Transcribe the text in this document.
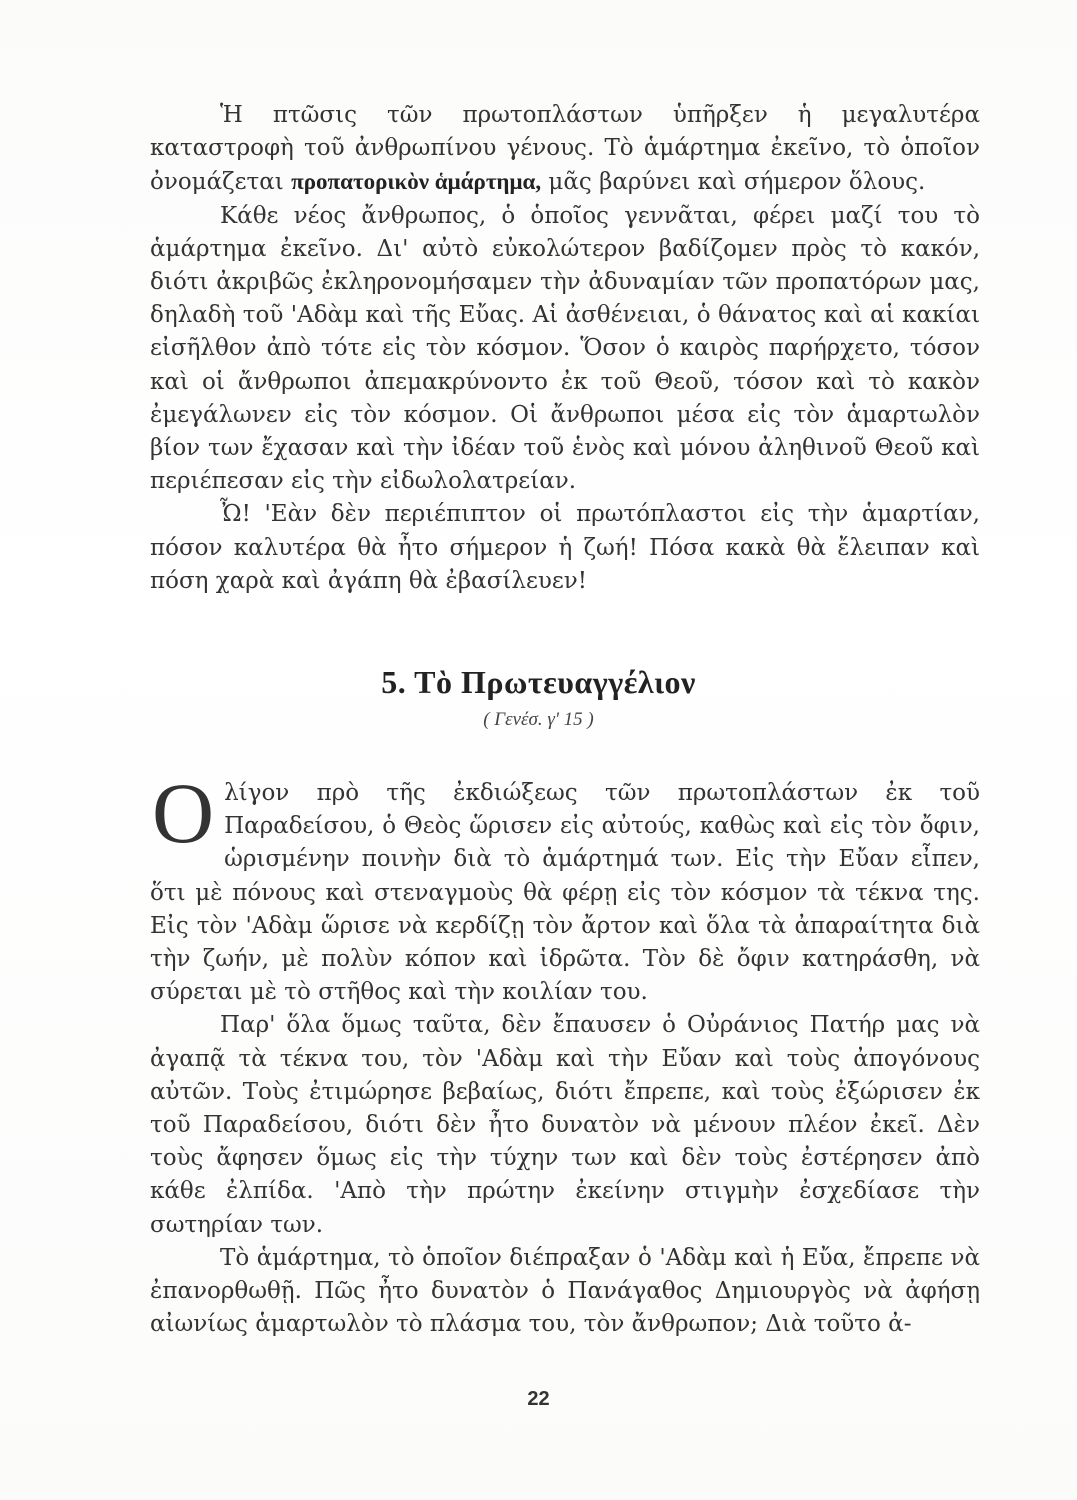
Ἡ πτῶσις τῶν πρωτοπλάστων ὑπῆρξεν ἡ μεγαλυτέρα καταστροφὴ τοῦ ἀνθρωπίνου γένους. Τὸ ἁμάρτημα ἐκεῖνο, τὸ ὁποῖον ὀνομάζεται προπατορικὸν ἁμάρτημα, μᾶς βαρύνει καὶ σήμερον ὅλους.

Κάθε νέος ἄνθρωπος, ὁ ὁποῖος γεννᾶται, φέρει μαζί του τὸ ἁμάρτημα ἐκεῖνο. Δι' αὐτὸ εὐκολώτερον βαδίζομεν πρὸς τὸ κακόν, διότι ἀκριβῶς ἐκληρονομήσαμεν τὴν ἀδυναμίαν τῶν προπατόρων μας, δηλαδὴ τοῦ 'Αδὰμ καὶ τῆς Εὔας. Αἱ ἀσθένειαι, ὁ θάνατος καὶ αἱ κακίαι εἰσῆλθον ἀπὸ τότε εἰς τὸν κόσμον. Ὅσον ὁ καιρὸς παρήρχετο, τόσον καὶ οἱ ἄνθρωποι ἀπεμακρύνοντο ἐκ τοῦ Θεοῦ, τόσον καὶ τὸ κακὸν ἐμεγάλωνεν εἰς τὸν κόσμον. Οἱ ἄνθρωποι μέσα εἰς τὸν ἁμαρτωλὸν βίον των ἔχασαν καὶ τὴν ἰδέαν τοῦ ἑνὸς καὶ μόνου ἀληθινοῦ Θεοῦ καὶ περιέπεσαν εἰς τὴν εἰδωλολατρείαν.

Ὦ! 'Εὰν δὲν περιέπιπτον οἱ πρωτόπλαστοι εἰς τὴν ἁμαρτίαν, πόσον καλυτέρα θὰ ἦτο σήμερον ἡ ζωή! Πόσα κακὰ θὰ ἔλειπαν καὶ πόση χαρὰ καὶ ἀγάπη θὰ ἐβασίλευεν!

5. Τὸ Πρωτευαγγέλιον
( Γενέσ. γ' 15 )

Ολίγον πρὸ τῆς ἐκδιώξεως τῶν πρωτοπλάστων ἐκ τοῦ Παραδείσου, ὁ Θεὸς ὥρισεν εἰς αὐτούς, καθὼς καὶ εἰς τὸν ὄφιν, ὡρισμένην ποινὴν διὰ τὸ ἁμάρτημά των. Εἰς τὴν Εὔαν εἶπεν, ὅτι μὲ πόνους καὶ στεναγμοὺς θὰ φέρῃ εἰς τὸν κόσμον τὰ τέκνα της. Εἰς τὸν 'Αδὰμ ὥρισε νὰ κερδίζῃ τὸν ἄρτον καὶ ὅλα τὰ ἀπαραίτητα διὰ τὴν ζωήν, μὲ πολὺν κόπον καὶ ἱδρῶτα. Τὸν δὲ ὄφιν κατηράσθη, νὰ σύρεται μὲ τὸ στῆθος καὶ τὴν κοιλίαν του.

Παρ' ὅλα ὅμως ταῦτα, δὲν ἔπαυσεν ὁ Οὐράνιος Πατήρ μας νὰ ἀγαπᾷ τὰ τέκνα του, τὸν 'Αδὰμ καὶ τὴν Εὔαν καὶ τοὺς ἀπογόνους αὐτῶν. Τοὺς ἐτιμώρησε βεβαίως, διότι ἔπρεπε, καὶ τοὺς ἐξώρισεν ἐκ τοῦ Παραδείσου, διότι δὲν ἦτο δυνατὸν νὰ μένουν πλέον ἐκεῖ. Δὲν τοὺς ἄφησεν ὅμως εἰς τὴν τύχην των καὶ δὲν τοὺς ἐστέρησεν ἀπὸ κάθε ἐλπίδα. 'Απὸ τὴν πρώτην ἐκείνην στιγμὴν ἐσχεδίασε τὴν σωτηρίαν των.

Τὸ ἁμάρτημα, τὸ ὁποῖον διέπραξαν ὁ 'Αδὰμ καὶ ἡ Εὔα, ἔπρεπε νὰ ἐπανορθωθῇ. Πῶς ἦτο δυνατὸν ὁ Πανάγαθος Δημιουργὸς νὰ ἀφήσῃ αἰωνίως ἁμαρτωλὸν τὸ πλάσμα του, τὸν ἄνθρωπον; Διὰ τοῦτο ἀ-

22
